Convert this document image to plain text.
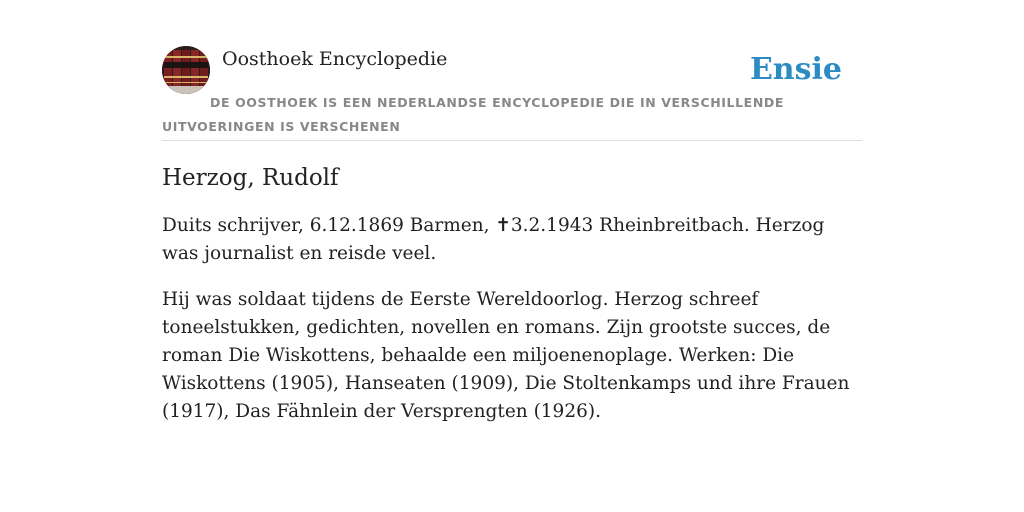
Oosthoek Encyclopedie	Ensie
DE OOSTHOEK IS EEN NEDERLANDSE ENCYCLOPEDIE DIE IN VERSCHILLENDE UITVOERINGEN IS VERSCHENEN
Herzog, Rudolf

Duits schrijver, 6.12.1869 Barmen, ✝3.2.1943 Rheinbreitbach. Herzog was journalist en reisde veel.

Hij was soldaat tijdens de Eerste Wereldoorlog. Herzog schreef toneelstukken, gedichten, novellen en romans. Zijn grootste succes, de roman Die Wiskottens, behaalde een miljoenenoplage. Werken: Die Wiskottens (1905), Hanseaten (1909), Die Stoltenkamps und ihre Frauen (1917), Das Fähnlein der Versprengten (1926).
